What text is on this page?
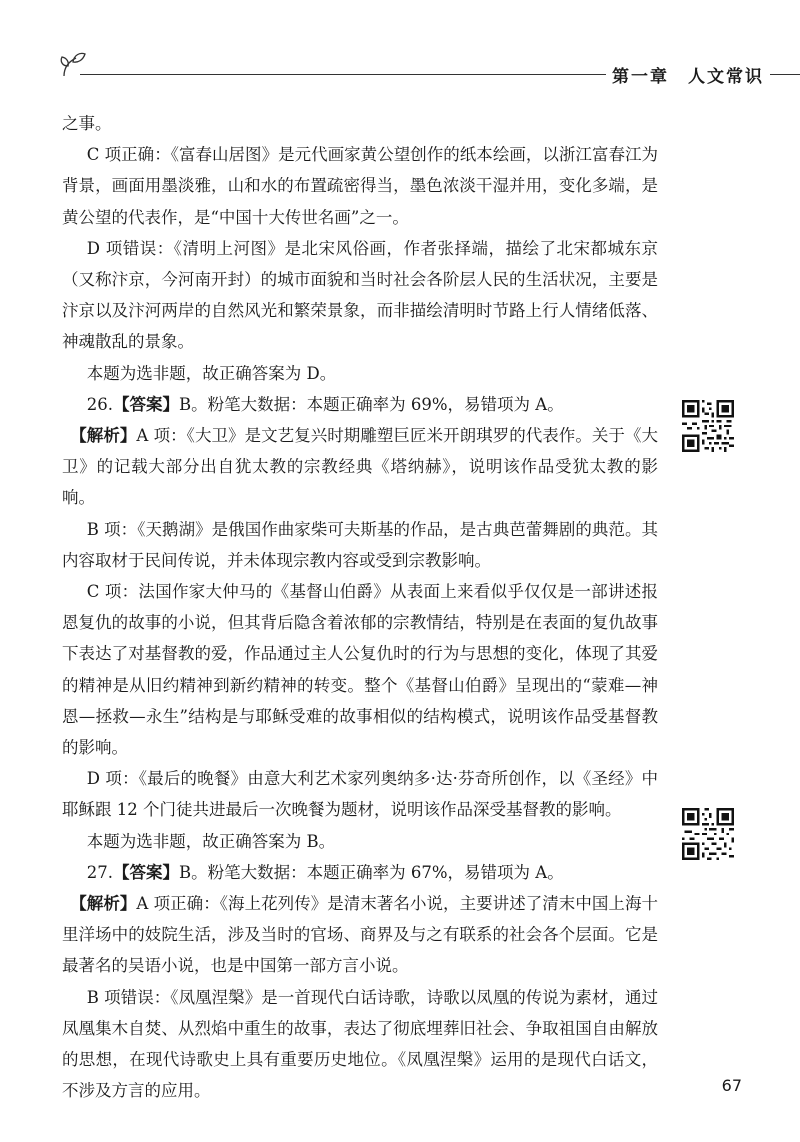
第一章　人文常识

之事。

C 项正确：《富春山居图》是元代画家黄公望创作的纸本绘画，以浙江富春江为背景，画面用墨淡雅，山和水的布置疏密得当，墨色浓淡干湿并用，变化多端，是黄公望的代表作，是“中国十大传世名画”之一。

D 项错误：《清明上河图》是北宋风俗画，作者张择端，描绘了北宋都城东京（又称汴京，今河南开封）的城市面貌和当时社会各阶层人民的生活状况，主要是汴京以及汴河两岸的自然风光和繁荣景象，而非描绘清明时节路上行人情绪低落、神魂散乱的景象。

本题为选非题，故正确答案为 D。

26.【答案】B。粉笔大数据：本题正确率为 69%，易错项为 A。

【解析】A 项：《大卫》是文艺复兴时期雕塑巨匠米开朗琪罗的代表作。关于《大卫》的记载大部分出自犹太教的宗教经典《塔纳赫》，说明该作品受犹太教的影响。

B 项：《天鹅湖》是俄国作曲家柴可夫斯基的作品，是古典芭蕾舞剧的典范。其内容取材于民间传说，并未体现宗教内容或受到宗教影响。

C 项：法国作家大仲马的《基督山伯爵》从表面上来看似乎仅仅是一部讲述报恩复仇的故事的小说，但其背后隐含着浓郁的宗教情结，特别是在表面的复仇故事下表达了对基督教的爱，作品通过主人公复仇时的行为与思想的变化，体现了其爱的精神是从旧约精神到新约精神的转变。整个《基督山伯爵》呈现出的“蒙难—神恩—拯救—永生”结构是与耶稣受难的故事相似的结构模式，说明该作品受基督教的影响。

D 项：《最后的晚餐》由意大利艺术家列奥纳多·达·芬奇所创作，以《圣经》中耶稣跟 12 个门徒共进最后一次晚餐为题材，说明该作品深受基督教的影响。

本题为选非题，故正确答案为 B。

27.【答案】B。粉笔大数据：本题正确率为 67%，易错项为 A。

【解析】A 项正确：《海上花列传》是清末著名小说，主要讲述了清末中国上海十里洋场中的妓院生活，涉及当时的官场、商界及与之有联系的社会各个层面。它是最著名的吴语小说，也是中国第一部方言小说。

B 项错误：《凤凰涅槃》是一首现代白话诗歌，诗歌以凤凰的传说为素材，通过凤凰集木自焚、从烈焰中重生的故事，表达了彻底埋葬旧社会、争取祖国自由解放的思想，在现代诗歌史上具有重要历史地位。《凤凰涅槃》运用的是现代白话文，不涉及方言的应用。	67
